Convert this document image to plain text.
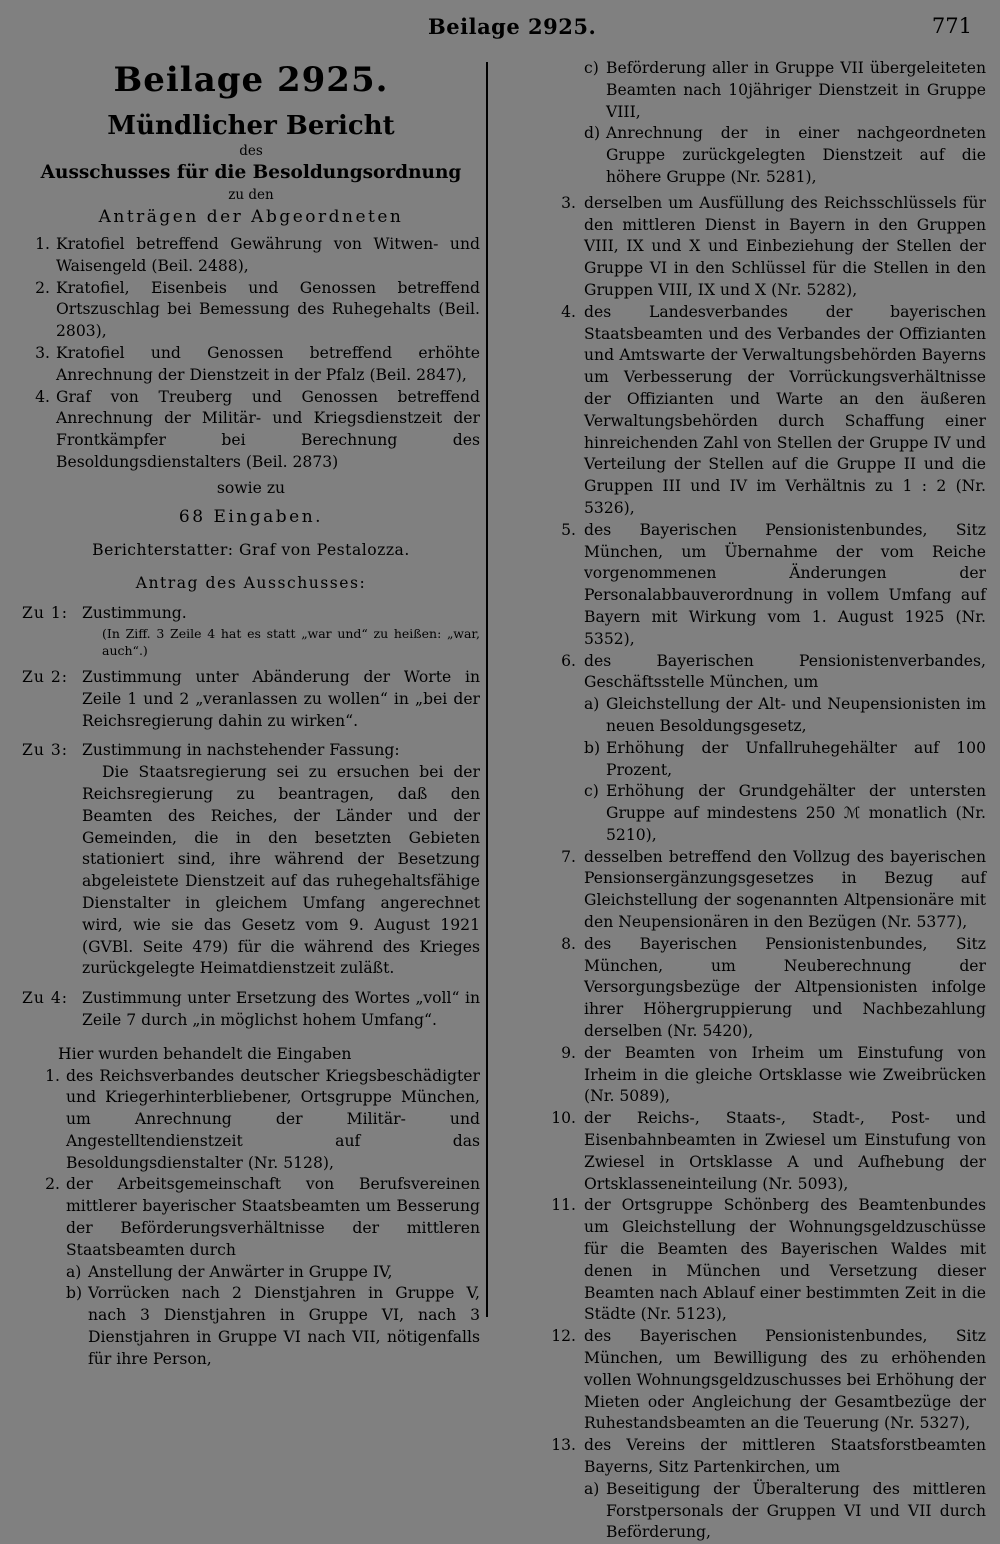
Beilage 2925.	771
Beilage 2925.
Mündlicher Bericht
des
Ausschusses für die Besoldungsordnung
zu den
Anträgen der Abgeordneten
1. Kratofiel betreffend Gewährung von Witwen- und Waisengeld (Beil. 2488),
2. Kratofiel, Eisenbeis und Genossen betreffend Ortszuschlag bei Bemessung des Ruhegehalts (Beil. 2803),
3. Kratofiel und Genossen betreffend erhöhte Anrechnung der Dienstzeit in der Pfalz (Beil. 2847),
4. Graf von Treuberg und Genossen betreffend Anrechnung der Militär- und Kriegsdienstzeit der Frontkämpfer bei Berechnung des Besoldungsdienstalters (Beil. 2873)
sowie zu
68 Eingaben.
Berichterstatter: Graf von Pestalozza.
Antrag des Ausschusses:
Zu 1: Zustimmung.
(In Ziff. 3 Zeile 4 hat es statt „war und“ zu heißen: „war, auch“.)
Zu 2: Zustimmung unter Abänderung der Worte in Zeile 1 und 2 „veranlassen zu wollen“ in „bei der Reichsregierung dahin zu wirken“.
Zu 3: Zustimmung in nachstehender Fassung:
Die Staatsregierung sei zu ersuchen bei der Reichsregierung zu beantragen, daß den Beamten des Reiches, der Länder und der Gemeinden, die in den besetzten Gebieten stationiert sind, ihre während der Besetzung abgeleistete Dienstzeit auf das ruhegehaltsfähige Dienstalter in gleichem Umfang angerechnet wird, wie sie das Gesetz vom 9. August 1921 (GVBl. Seite 479) für die während des Krieges zurückgelegte Heimatdienstzeit zuläßt.
Zu 4: Zustimmung unter Ersetzung des Wortes „voll“ in Zeile 7 durch „in möglichst hohem Umfang“.
Hier wurden behandelt die Eingaben
1. des Reichsverbandes deutscher Kriegsbeschädigter und Kriegerhinterbliebener, Ortsgruppe München, um Anrechnung der Militär- und Angestelltendienstzeit auf das Besoldungsdienstalter (Nr. 5128),
2. der Arbeitsgemeinschaft von Berufsvereinen mittlerer bayerischer Staatsbeamten um Besserung der Beförderungsverhältnisse der mittleren Staatsbeamten durch
a) Anstellung der Anwärter in Gruppe IV,
b) Vorrücken nach 2 Dienstjahren in Gruppe V, nach 3 Dienstjahren in Gruppe VI, nach 3 Dienstjahren in Gruppe VI nach VII, nötigenfalls für ihre Person,
c) Beförderung aller in Gruppe VII übergeleiteten Beamten nach 10jähriger Dienstzeit in Gruppe VIII,
d) Anrechnung der in einer nachgeordneten Gruppe zurückgelegten Dienstzeit auf die höhere Gruppe (Nr. 5281),
3. derselben um Ausfüllung des Reichsschlüssels für den mittleren Dienst in Bayern in den Gruppen VIII, IX und X und Einbeziehung der Stellen der Gruppe VI in den Schlüssel für die Stellen in den Gruppen VIII, IX und X (Nr. 5282),
4. des Landesverbandes der bayerischen Staatsbeamten und des Verbandes der Offizianten und Amtswarte der Verwaltungsbehörden Bayerns um Verbesserung der Vorrückungsverhältnisse der Offizianten und Warte an den äußeren Verwaltungsbehörden durch Schaffung einer hinreichenden Zahl von Stellen der Gruppe IV und Verteilung der Stellen auf die Gruppe II und die Gruppen III und IV im Verhältnis zu 1 : 2 (Nr. 5326),
5. des Bayerischen Pensionistenbundes, Sitz München, um Übernahme der vom Reiche vorgenommenen Änderungen der Personalabbauverordnung in vollem Umfang auf Bayern mit Wirkung vom 1. August 1925 (Nr. 5352),
6. des Bayerischen Pensionistenverbandes, Geschäftsstelle München, um
a) Gleichstellung der Alt- und Neupensionisten im neuen Besoldungsgesetz,
b) Erhöhung der Unfallruhegehälter auf 100 Prozent,
c) Erhöhung der Grundgehälter der untersten Gruppe auf mindestens 250 ℳ monatlich (Nr. 5210),
7. desselben betreffend den Vollzug des bayerischen Pensionsergänzungsgesetzes in Bezug auf Gleichstellung der sogenannten Altpensionäre mit den Neupensionären in den Bezügen (Nr. 5377),
8. des Bayerischen Pensionistenbundes, Sitz München, um Neuberechnung der Versorgungsbezüge der Altpensionisten infolge ihrer Höhergruppierung und Nachbezahlung derselben (Nr. 5420),
9. der Beamten von Irheim um Einstufung von Irheim in die gleiche Ortsklasse wie Zweibrücken (Nr. 5089),
10. der Reichs-, Staats-, Stadt-, Post- und Eisenbahnbeamten in Zwiesel um Einstufung von Zwiesel in Ortsklasse A und Aufhebung der Ortsklasseneinteilung (Nr. 5093),
11. der Ortsgruppe Schönberg des Beamtenbundes um Gleichstellung der Wohnungsgeldzuschüsse für die Beamten des Bayerischen Waldes mit denen in München und Versetzung dieser Beamten nach Ablauf einer bestimmten Zeit in die Städte (Nr. 5123),
12. des Bayerischen Pensionistenbundes, Sitz München, um Bewilligung des zu erhöhenden vollen Wohnungsgeldzuschusses bei Erhöhung der Mieten oder Angleichung der Gesamtbezüge der Ruhestandsbeamten an die Teuerung (Nr. 5327),
13. des Vereins der mittleren Staatsforstbeamten Bayerns, Sitz Partenkirchen, um
a) Beseitigung der Überalterung des mittleren Forstpersonals der Gruppen VI und VII durch Beförderung,
